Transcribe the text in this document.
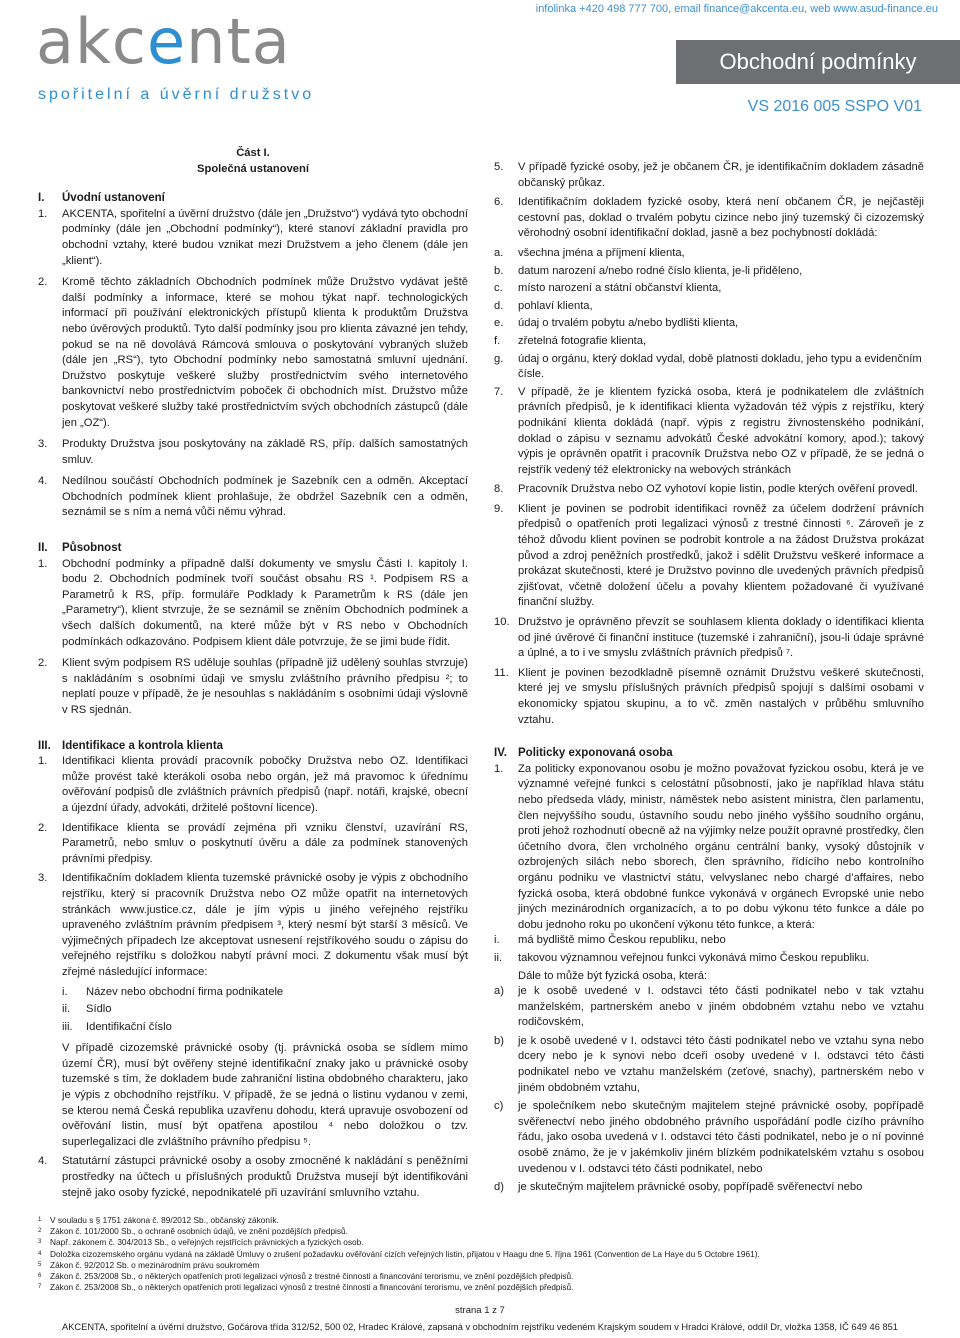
akcenta
spořitelní a úvěrní družstvo
infolinka +420 498 777 700, email finance@akcenta.eu, web www.asud-finance.eu
Obchodní podmínky
VS 2016 005 SSPO V01
Část I.
Společná ustanovení
I.	Úvodní ustanovení
1.	AKCENTA, spořitelní a úvěrní družstvo (dále jen „Družstvo“) vydává tyto obchodní podmínky (dále jen „Obchodní podmínky“), které stanoví základní pravidla pro obchodní vztahy, které budou vznikat mezi Družstvem a jeho členem (dále jen „klient“).
2.	Kromě těchto základních Obchodních podmínek může Družstvo vydávat ještě další podmínky a informace, které se mohou týkat např. technologických informací při používání elektronických přístupů klienta k produktům Družstva nebo úvěrových produktů. Tyto další podmínky jsou pro klienta závazné jen tehdy, pokud se na ně dovolává Rámcová smlouva o poskytování vybraných služeb (dále jen „RS“), tyto Obchodní podmínky nebo samostatná smluvní ujednání. Družstvo poskytuje veškeré služby prostřednictvím svého internetového bankovnictví nebo prostřednictvím poboček či obchodních míst. Družstvo může poskytovat veškeré služby také prostřednictvím svých obchodních zástupců (dále jen „OZ“).
3.	Produkty Družstva jsou poskytovány na základě RS, příp. dalších samostatných smluv.
4.	Nedílnou součástí Obchodních podmínek je Sazebník cen a odměn. Akceptací Obchodních podmínek klient prohlašuje, že obdržel Sazebník cen a odměn, seznámil se s ním a nemá vůči němu výhrad.
II.	Působnost
1.	Obchodní podmínky a případně další dokumenty ve smyslu Části I. kapitoly I. bodu 2. Obchodních podmínek tvoří součást obsahu RS ¹. Podpisem RS a Parametrů k RS, příp. formuláře Podklady k Parametrům k RS (dále jen „Parametry“), klient stvrzuje, že se seznámil se zněním Obchodních podmínek a všech dalších dokumentů, na které může být v RS nebo v Obchodních podmínkách odkazováno. Podpisem klient dále potvrzuje, že se jimi bude řídit.
2.	Klient svým podpisem RS uděluje souhlas (případně již udělený souhlas stvrzuje) s nakládáním s osobními údaji ve smyslu zvláštního právního předpisu ²; to neplatí pouze v případě, že je nesouhlas s nakládáním s osobními údaji výslovně v RS sjednán.
III. Identifikace a kontrola klienta
1.	Identifikaci klienta provádí pracovník pobočky Družstva nebo OZ. Identifikaci může provést také kterákoli osoba nebo orgán, jež má pravomoc k úřednímu ověřování podpisů dle zvláštních právních předpisů (např. notáři, krajské, obecní a újezdní úřady, advokáti, držitelé poštovní licence).
2.	Identifikace klienta se provádí zejména při vzniku členství, uzavírání RS, Parametrů, nebo smluv o poskytnutí úvěru a dále za podmínek stanovených právními předpisy.
3.	Identifikačním dokladem klienta tuzemské právnické osoby je výpis z obchodního rejstříku, který si pracovník Družstva nebo OZ může opatřit na internetových stránkách www.justice.cz, dále je jím výpis u jiného veřejného rejstříku upraveného zvláštním právním předpisem ³, který nesmí být starší 3 měsíců. Ve výjimečných případech lze akceptovat usnesení rejstříkového soudu o zápisu do veřejného rejstříku s doložkou nabytí právní moci. Z dokumentu však musí být zřejmé následující informace:
i.	Název nebo obchodní firma podnikatele
ii.	Sídlo
iii.	Identifikační číslo
V případě cizozemské právnické osoby (tj. právnická osoba se sídlem mimo území ČR), musí být ověřeny stejné identifikační znaky jako u právnické osoby tuzemské s tím, že dokladem bude zahraniční listina obdobného charakteru, jako je výpis z obchodního rejstříku. V případě, že se jedná o listinu vydanou v zemi, se kterou nemá Česká republika uzavřenu dohodu, která upravuje osvobození od ověřování listin, musí být opatřena apostilou ⁴ nebo doložkou o tzv. superlegalizaci dle zvláštního právního předpisu ⁵.
4.	Statutární zástupci právnické osoby a osoby zmocněné k nakládání s peněžními prostředky na účtech u příslušných produktů Družstva musejí být identifikováni stejně jako osoby fyzické, nepodnikatelé při uzavírání smluvního vztahu.
5.	V případě fyzické osoby, jež je občanem ČR, je identifikačním dokladem zásadně občanský průkaz.
6.	Identifikačním dokladem fyzické osoby, která není občanem ČR, je nejčastěji cestovní pas, doklad o trvalém pobytu cizince nebo jiný tuzemský či cizozemský věrohodný osobní identifikační doklad, jasně a bez pochybností dokládá:
a.	všechna jména a příjmení klienta,
b.	datum narození a/nebo rodné číslo klienta, je-li přiděleno,
c.	místo narození a státní občanství klienta,
d.	pohlaví klienta,
e.	údaj o trvalém pobytu a/nebo bydlišti klienta,
f.	zřetelná fotografie klienta,
g.	údaj o orgánu, který doklad vydal, době platnosti dokladu, jeho typu a evidenčním čísle.
7.	V případě, že je klientem fyzická osoba, která je podnikatelem dle zvláštních právních předpisů, je k identifikaci klienta vyžadován též výpis z rejstříku, který podnikání klienta dokládá (např. výpis z registru živnostenského podnikání, doklad o zápisu v seznamu advokátů České advokátní komory, apod.); takový výpis je oprávněn opatřit i pracovník Družstva nebo OZ v případě, že se jedná o rejstřík vedený též elektronicky na webových stránkách
8.	Pracovník Družstva nebo OZ vyhotoví kopie listin, podle kterých ověření provedl.
9.	Klient je povinen se podrobit identifikaci rovněž za účelem dodržení právních předpisů o opatřeních proti legalizaci výnosů z trestné činnosti ⁶. Zároveň je z téhož důvodu klient povinen se podrobit kontrole a na žádost Družstva prokázat původ a zdroj peněžních prostředků, jakož i sdělit Družstvu veškeré informace a prokázat skutečnosti, které je Družstvo povinno dle uvedených právních předpisů zjišťovat, včetně doložení účelu a povahy klientem požadované či využívané finanční služby.
10. Družstvo je oprávněno převzít se souhlasem klienta doklady o identifikaci klienta od jiné úvěrové či finanční instituce (tuzemské i zahraniční), jsou-li údaje správné a úplné, a to i ve smyslu zvláštních právních předpisů ⁷.
11. Klient je povinen bezodkladně písemně oznámit Družstvu veškeré skutečnosti, které jej ve smyslu příslušných právních předpisů spojují s dalšími osobami v ekonomicky spjatou skupinu, a to vč. změn nastalých v průběhu smluvního vztahu.
IV. Politicky exponovaná osoba
1.	Za politicky exponovanou osobu je možno považovat fyzickou osobu, která je ve významné veřejné funkci s celostátní působností, jako je například hlava státu nebo předseda vlády, ministr, náměstek nebo asistent ministra, člen parlamentu, člen nejvyššího soudu, ústavního soudu nebo jiného vyššího soudního orgánu, proti jehož rozhodnutí obecně až na výjimky nelze použít opravné prostředky, člen účetního dvora, člen vrcholného orgánu centrální banky, vysoký důstojník v ozbrojených silách nebo sborech, člen správního, řídícího nebo kontrolního orgánu podniku ve vlastnictví státu, velvyslanec nebo chargé d’affaires, nebo fyzická osoba, která obdobné funkce vykonává v orgánech Evropské unie nebo jiných mezinárodních organizacích, a to po dobu výkonu této funkce a dále po dobu jednoho roku po ukončení výkonu této funkce, a která:
i.	má bydliště mimo Českou republiku, nebo
ii.	takovou významnou veřejnou funkci vykonává mimo Českou republiku.
Dále to může být fyzická osoba, která:
a)	je k osobě uvedené v I. odstavci této části podnikatel nebo v tak vztahu manželském, partnerském anebo v jiném obdobném vztahu nebo ve vztahu rodičovském,
b)	je k osobě uvedené v I. odstavci této části podnikatel nebo ve vztahu syna nebo dcery nebo je k synovi nebo dceři osoby uvedené v I. odstavci této části podnikatel nebo ve vztahu manželském (zeťové, snachy), partnerském nebo v jiném obdobném vztahu,
c)	je společníkem nebo skutečným majitelem stejné právnické osoby, popřípadě svěřenectví nebo jiného obdobného právního uspořádání podle cizího právního řádu, jako osoba uvedená v I. odstavci této části podnikatel, nebo je o ní povinné osobě známo, že je v jakémkoliv jiném blízkém podnikatelském vztahu s osobou uvedenou v I. odstavci této části podnikatel, nebo
d)	je skutečným majitelem právnické osoby, popřípadě svěřenectví nebo
1	V souladu s § 1751 zákona č. 89/2012 Sb., občanský zákoník.
2	Zákon č. 101/2000 Sb., o ochraně osobních údajů, ve znění pozdějších předpisů.
3	Např. zákonem č. 304/2013 Sb., o veřejných rejstřících právnických a fyzických osob.
4	Doložka cizozemského orgánu vydaná na základě Úmluvy o zrušení požadavku ověřování cizích veřejných listin, přijatou v Haagu dne 5. října 1961 (Convention de La Haye du 5 Octobre 1961).
5	Zákon č. 92/2012 Sb. o mezinárodním právu soukromém
6	Zákon č. 253/2008 Sb., o některých opatřeních proti legalizaci výnosů z trestné činnosti a financování terorismu, ve znění pozdějších předpisů.
7	Zákon č. 253/2008 Sb., o některých opatřeních proti legalizaci výnosů z trestné činnosti a financování terorismu, ve znění pozdějších předpisů.
strana 1 z 7
AKCENTA, spořitelní a úvěrní družstvo, Gočárova třída 312/52, 500 02, Hradec Králové, zapsaná v obchodním rejstříku vedeném Krajským soudem v Hradci Králové, oddíl Dr, vložka 1358, IČ 649 46 851
